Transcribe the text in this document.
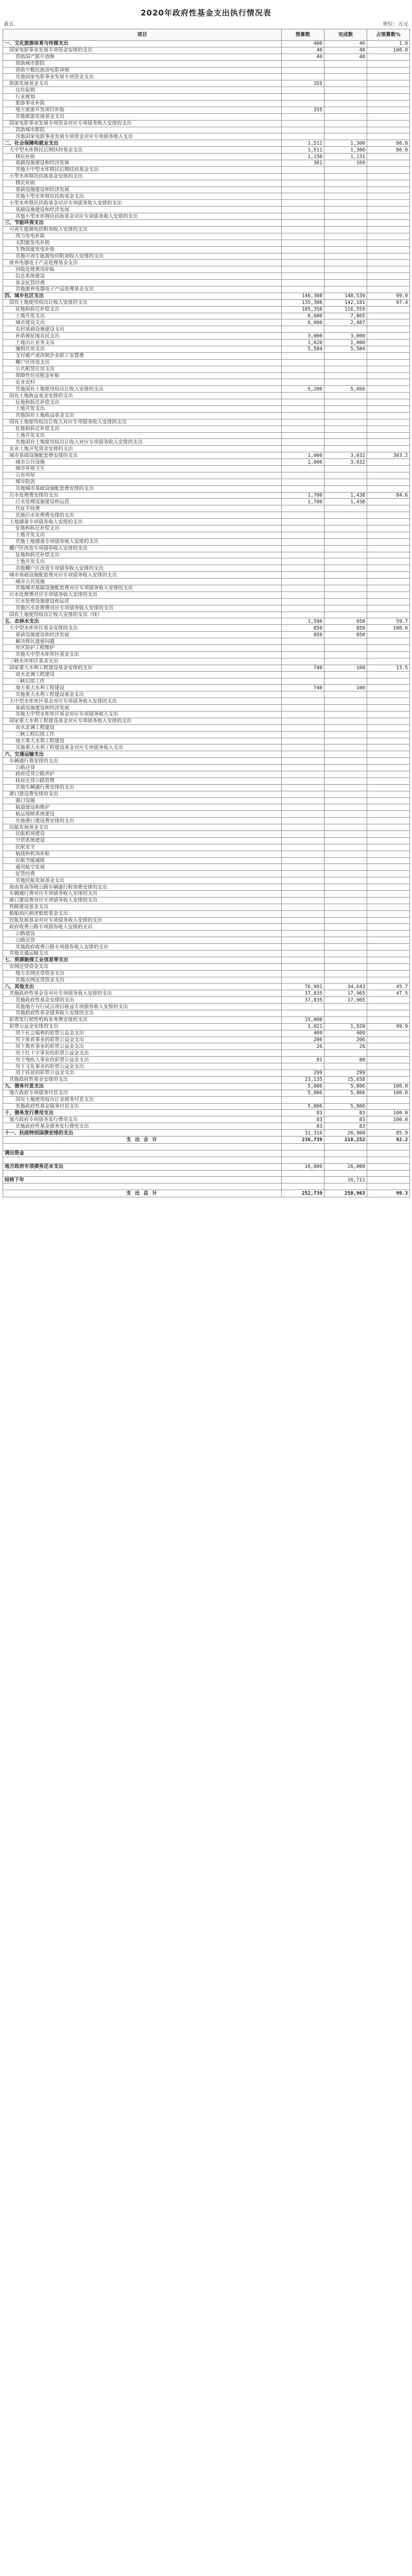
2020年政府性基金支出执行情况表
表五	单位：万元
项目	预算数	完成数	占预算数%
一、文化旅游体育与传媒支出	400	46	1.9
国家电影事业发展专项资金安排的支出	40	40	100.0
资助国产影片放映	40	40	
资助城市影院			
资助少数民族语电影译制			
其他国家电影事业发展专项资金支出			
旅游发展基金支出	355		
宣传促销			
行业规划			
旅游事业补助			
地方旅游开发项目补助	355		
其他旅游发展基金支出			
国家电影事业发展专项资金对应专项债务收入安排的支出			
资助城市影院			
其他国家电影事业发展专项资金对应专项债务收入支出			
二、社会保障和就业支出	1,511	1,300	86.0
大中型水库移民后期扶持基金支出	1,511	1,300	86.0
移民补助	1,150	1,131	
基础设施建设和经济发展	361	169	
其他大中型水库移民后期扶持基金支出			
小型水库移民扶助基金安排的支出			
移民补助			
基础设施建设和经济发展			
其他小型水库移民扶助基金支出			
小型水库移民扶助基金对应专项债务收入安排的支出			
基础设施建设和经济发展			
其他小型水库移民扶助基金对应专项债务收入安排的支出			
三、节能环保支出			
可再生能源电价附加收入安排的支出			
风力发电补助			
太阳能发电补助			
生物质能发电补助			
其他可再生能源电价附加收入安排的支出			
废弃电器电子产品处理基金支出			
回收处理费用补贴			
信息系统建设			
基金征管经费			
其他废弃电器电子产品处理基金支出			
四、城乡社区支出	146,308	148,539	99.0
国有土地使用权出让收入安排的支出	135,308	142,181	97.4
征地和拆迁补偿支出	105,350	116,559	
土地开发支出	6,600	7,865	
城市建设支出	6,000	2,487	
农村基础设施建设支出			
补助被征地农民支出	3,000	3,000	
土地出让业务支出	1,020	1,000	
廉租住房支出	5,584	5,584	
支付破产或改制企业职工安置费			
棚户区改造支出			
公共租赁住房支出			
保障性住房租金补贴			
农业农村			
其他国有土地使用权出让收入安排的支出	5,200	5,666	
国有土地收益基金安排的支出			
征地和拆迁补偿支出			
土地开发支出			
其他国有土地收益基金支出			
国有土地使用权出让收入对应专项债务收入安排的支出			
征地和拆迁补偿支出			
土地开发支出			
其他国有土地使用权出让收入对应专项债务收入安排的支出			
农业土地开发资金安排的支出			
城市基础设施配套费安排的支出	1,000	3,032	303.2
城市公共设施	1,000	3,032	
城市环境卫生			
公有房屋			
城市防洪			
其他城市基础设施配套费安排的支出			
污水处理费安排的支出	1,700	1,438	84.6
污水处理设施建设和运营	1,700	1,438	
代征手续费			
其他污水处理费安排的支出			
土地储备专项债券收入安排的支出			
征地和拆迁补偿支出			
土地开发支出			
其他土地储备专项债券收入安排的支出			
棚户区改造专项债券收入安排的支出			
征地和拆迁补偿支出			
土地开发支出			
其他棚户区改造专项债券收入安排的支出			
城市基础设施配套费对应专项债务收入安排的支出			
城市公共设施			
其他城市基础设施配套费对应专项债务收入安排的支出			
污水处理费对应专项债务收入安排的支出			
污水处理设施建设和运营			
其他污水处理费对应专项债务收入安排的支出			
国有土地使用权出让收入安排的支出（续）			
五、农林水支出	1,590	950	59.7
大中型水库库区基金安排的支出	850	850	100.0
基础设施建设和经济发展	850	850	
解决移民遗留问题			
库区防护工程维护			
其他大中型水库库区基金支出			
三峡水库库区基金支出			
国家重大水利工程建设基金安排的支出	740	100	13.5
南水北调工程建设			
三峡后续工作			
地方重大水利工程建设	740	100	
其他重大水利工程建设基金支出			
大中型水库库区基金对应专项债务收入安排的支出			
基础设施建设和经济发展			
其他大中型水库库区基金对应专项债务收入支出			
国家重大水利工程建设基金对应专项债务收入安排的支出			
南水北调工程建设			
三峡工程后续工作			
地方重大水利工程建设			
其他重大水利工程建设基金对应专项债务收入支出			
六、交通运输支出			
车辆通行费安排的支出			
公路还贷			
政府还贷公路养护			
政府还贷公路管理			
其他车辆通行费安排的支出			
港口建设费安排的支出			
港口设施			
航道建设和维护			
航运保障系统建设			
其他港口建设费安排的支出			
民航发展基金支出			
民航机场建设			
空管系统建设			
民航安全			
航线和机场补贴			
民航节能减排			
通用航空发展			
征管经费			
其他民航发展基金支出			
海南省高等级公路车辆通行附加费安排的支出			
车辆通行费对应专项债务收入安排的支出			
港口建设费对应专项债务收入安排的支出			
铁路建设基金支出			
船舶油污损害赔偿基金支出			
民航发展基金对应专项债务收入安排的支出			
政府收费公路专项债券收入安排的支出			
公路建设			
公路还贷			
其他政府收费公路专项债券收入安排的支出			
其他交通运输支出			
七、资源勘探工业信息等支出			
农网还贷资金支出			
地方农网还贷资金支出			
其他农网还贷资金支出			
八、其他支出	76,991	34,643	45.7
其他政府性基金及对应专项债务收入安排的支出	37,835	17,965	47.5
其他政府性基金安排的支出	37,835	17,965	
其他地方自行试点项目收益专项债券收入安排的支出			
其他政府性基金债务收入安排的支出			
彩票发行销售机构业务费安排的支出	15,000		
彩票公益金安排的支出	1,021	1,020	99.9
用于社会福利的彩票公益金支出	409	409	
用于体育事业的彩票公益金支出	206	206	
用于教育事业的彩票公益金支出	26	26	
用于红十字事业的彩票公益金支出			
用于残疾人事业的彩票公益金支出	81	80	
用于文化事业的彩票公益金支出			
用于扶贫的彩票公益金支出	299	299	
其他政府性基金安排的支出	23,135	15,658	
九、债务付息支出	5,806	5,806	100.0
地方政府专项债务付息支出	5,806	5,806	100.0
国有土地使用权出让金债务付息支出			
其他政府性基金债务付息支出	5,806	5,806	
十、债务发行费用支出	83	83	100.0
地方政府专项债务发行费用支出	83	83	100.0
其他政府性基金债务发行费用支出	83	83	
十一、抗疫特别国债安排的支出	31,316	26,900	85.9
支 出 合 计	236,739	218,252	92.2

调出资金			

地方政府专项债务还本支出	16,000	16,000	

结转下年		16,711	

支 出 总 计	252,739	250,963	99.3
